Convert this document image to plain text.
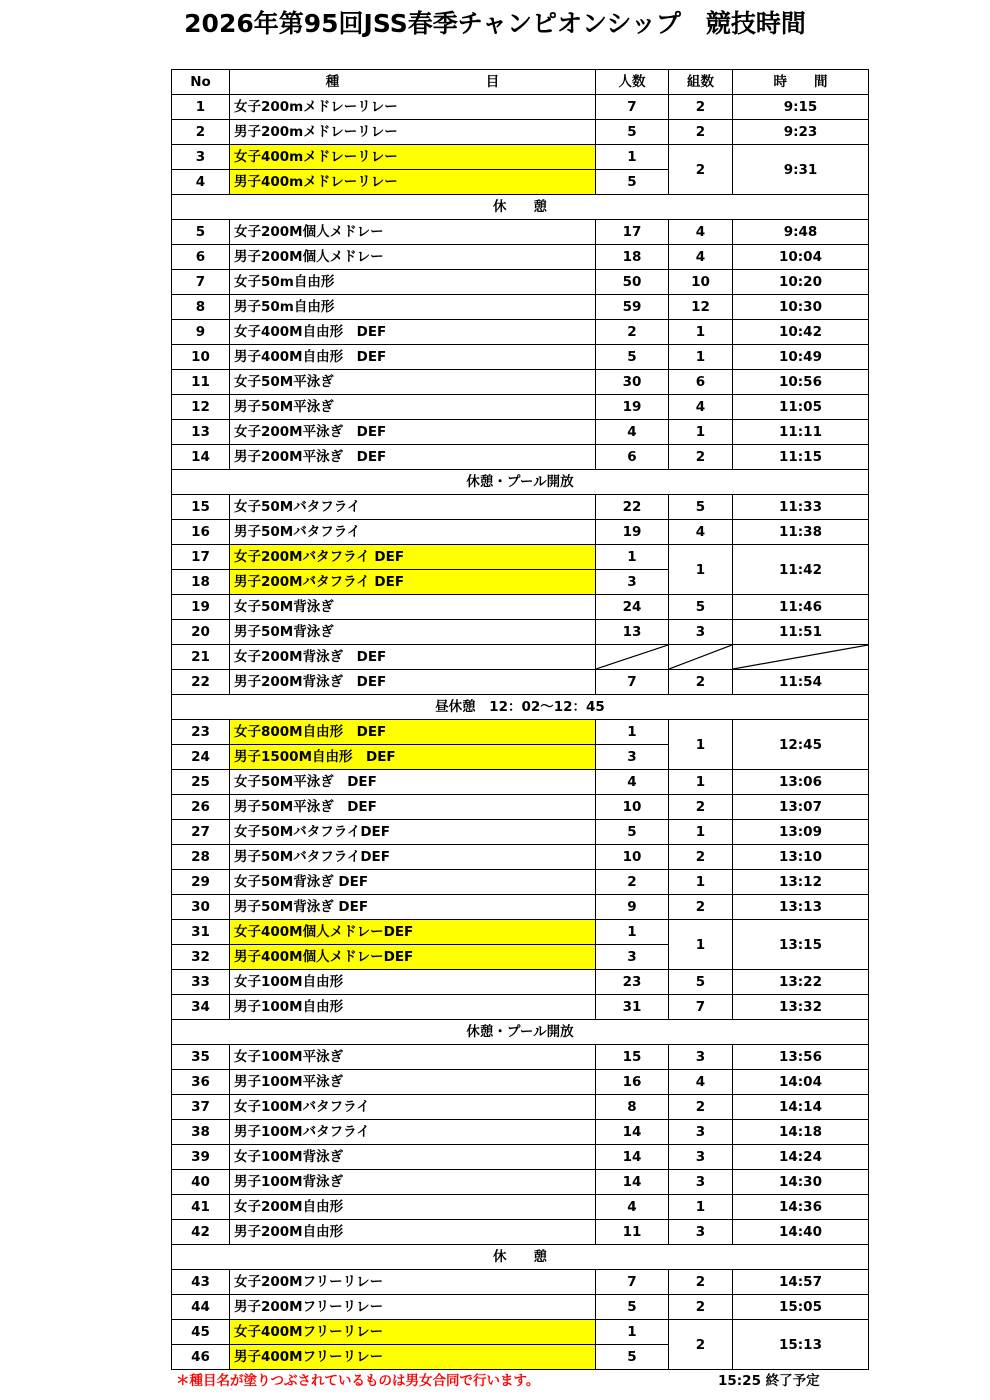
2026年第95回JSS春季チャンピオンシップ　競技時間
No	種 目	人数	組数	時　　間
1	女子200mメドレーリレー	7	2	9:15
2	男子200mメドレーリレー	5	2	9:23
3	女子400mメドレーリレー	1	2	9:31
4	男子400mメドレーリレー	5		
休　　憩				
5	女子200M個人メドレー	17	4	9:48
6	男子200M個人メドレー	18	4	10:04
7	女子50m自由形	50	10	10:20
8	男子50m自由形	59	12	10:30
9	女子400M自由形　DEF	2	1	10:42
10	男子400M自由形　DEF	5	1	10:49
11	女子50M平泳ぎ	30	6	10:56
12	男子50M平泳ぎ	19	4	11:05
13	女子200M平泳ぎ　DEF	4	1	11:11
14	男子200M平泳ぎ　DEF	6	2	11:15
休憩・プール開放				
15	女子50Mバタフライ	22	5	11:33
16	男子50Mバタフライ	19	4	11:38
17	女子200Mバタフライ DEF	1	1	11:42
18	男子200Mバタフライ DEF	3		
19	女子50M背泳ぎ	24	5	11:46
20	男子50M背泳ぎ	13	3	11:51
21	女子200M背泳ぎ　DEF	

22	男子200M背泳ぎ　DEF	7	2	11:54
昼休憩　12：02〜12：45				
23	女子800M自由形　DEF	1	1	12:45
24	男子1500M自由形　DEF	3		
25	女子50M平泳ぎ　DEF	4	1	13:06
26	男子50M平泳ぎ　DEF	10	2	13:07
27	女子50MバタフライDEF	5	1	13:09
28	男子50MバタフライDEF	10	2	13:10
29	女子50M背泳ぎ DEF	2	1	13:12
30	男子50M背泳ぎ DEF	9	2	13:13
31	女子400M個人メドレーDEF	1	1	13:15
32	男子400M個人メドレーDEF	3		
33	女子100M自由形	23	5	13:22
34	男子100M自由形	31	7	13:32
休憩・プール開放				
35	女子100M平泳ぎ	15	3	13:56
36	男子100M平泳ぎ	16	4	14:04
37	女子100Mバタフライ	8	2	14:14
38	男子100Mバタフライ	14	3	14:18
39	女子100M背泳ぎ	14	3	14:24
40	男子100M背泳ぎ	14	3	14:30
41	女子200M自由形	4	1	14:36
42	男子200M自由形	11	3	14:40
休　　憩				
43	女子200Mフリーリレー	7	2	14:57
44	男子200Mフリーリレー	5	2	15:05
45	女子400Mフリーリレー	1	2	15:13
46	男子400Mフリーリレー	5		
＊種目名が塗りつぶされているものは男女合同で行います。	15:25 終了予定
